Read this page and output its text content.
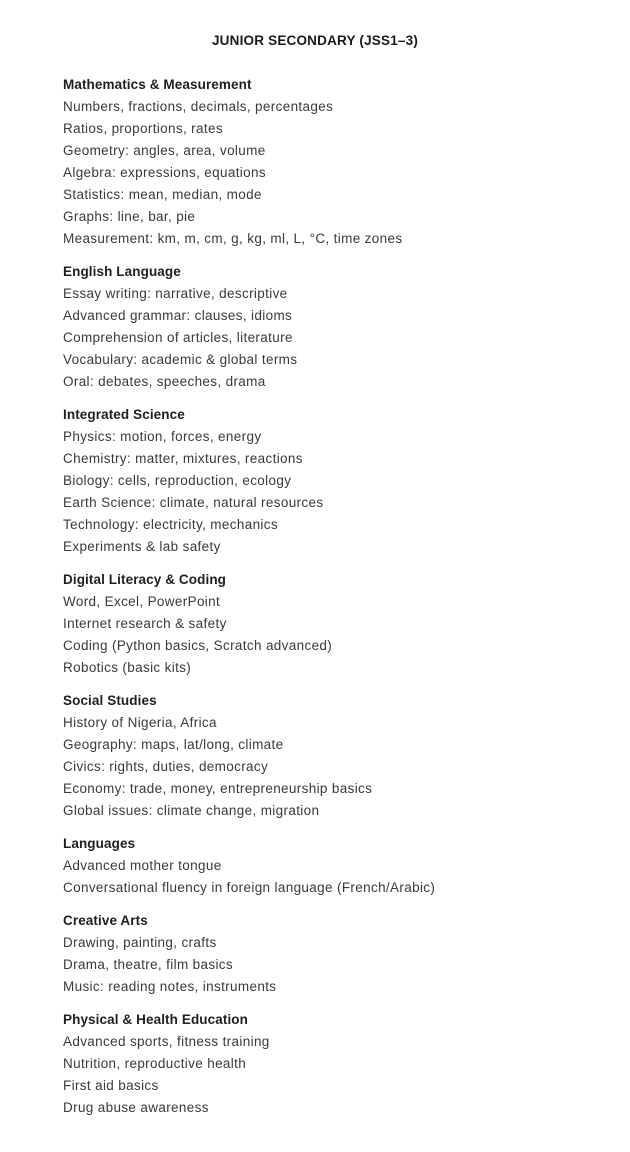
JUNIOR SECONDARY (JSS1–3)
Mathematics & Measurement
Numbers, fractions, decimals, percentages
Ratios, proportions, rates
Geometry: angles, area, volume
Algebra: expressions, equations
Statistics: mean, median, mode
Graphs: line, bar, pie
Measurement: km, m, cm, g, kg, ml, L, °C, time zones
English Language
Essay writing: narrative, descriptive
Advanced grammar: clauses, idioms
Comprehension of articles, literature
Vocabulary: academic & global terms
Oral: debates, speeches, drama
Integrated Science
Physics: motion, forces, energy
Chemistry: matter, mixtures, reactions
Biology: cells, reproduction, ecology
Earth Science: climate, natural resources
Technology: electricity, mechanics
Experiments & lab safety
Digital Literacy & Coding
Word, Excel, PowerPoint
Internet research & safety
Coding (Python basics, Scratch advanced)
Robotics (basic kits)
Social Studies
History of Nigeria, Africa
Geography: maps, lat/long, climate
Civics: rights, duties, democracy
Economy: trade, money, entrepreneurship basics
Global issues: climate change, migration
Languages
Advanced mother tongue
Conversational fluency in foreign language (French/Arabic)
Creative Arts
Drawing, painting, crafts
Drama, theatre, film basics
Music: reading notes, instruments
Physical & Health Education
Advanced sports, fitness training
Nutrition, reproductive health
First aid basics
Drug abuse awareness
